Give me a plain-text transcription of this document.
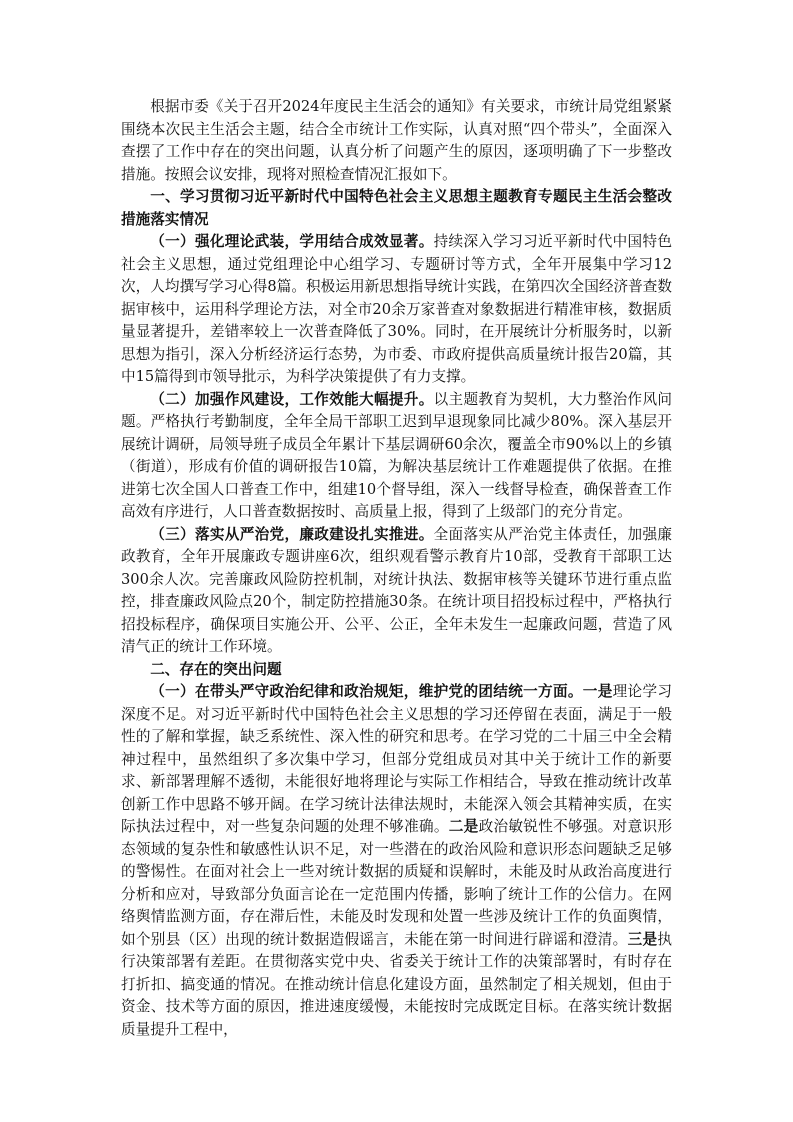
根据市委《关于召开2024年度民主生活会的通知》有关要求，市统计局党组紧紧围绕本次民主生活会主题，结合全市统计工作实际，认真对照“四个带头”，全面深入查摆了工作中存在的突出问题，认真分析了问题产生的原因，逐项明确了下一步整改措施。按照会议安排，现将对照检查情况汇报如下。

一、学习贯彻习近平新时代中国特色社会主义思想主题教育专题民主生活会整改措施落实情况

（一）强化理论武装，学用结合成效显著。持续深入学习习近平新时代中国特色社会主义思想，通过党组理论中心组学习、专题研讨等方式，全年开展集中学习12次，人均撰写学习心得8篇。积极运用新思想指导统计实践，在第四次全国经济普查数据审核中，运用科学理论方法，对全市20余万家普查对象数据进行精准审核，数据质量显著提升，差错率较上一次普查降低了30%。同时，在开展统计分析服务时，以新思想为指引，深入分析经济运行态势，为市委、市政府提供高质量统计报告20篇，其中15篇得到市领导批示，为科学决策提供了有力支撑。

（二）加强作风建设，工作效能大幅提升。以主题教育为契机，大力整治作风问题。严格执行考勤制度，全年全局干部职工迟到早退现象同比减少80%。深入基层开展统计调研，局领导班子成员全年累计下基层调研60余次，覆盖全市90%以上的乡镇（街道），形成有价值的调研报告10篇，为解决基层统计工作难题提供了依据。在推进第七次全国人口普查工作中，组建10个督导组，深入一线督导检查，确保普查工作高效有序进行，人口普查数据按时、高质量上报，得到了上级部门的充分肯定。

（三）落实从严治党，廉政建设扎实推进。全面落实从严治党主体责任，加强廉政教育，全年开展廉政专题讲座6次，组织观看警示教育片10部，受教育干部职工达300余人次。完善廉政风险防控机制，对统计执法、数据审核等关键环节进行重点监控，排查廉政风险点20个，制定防控措施30条。在统计项目招投标过程中，严格执行招投标程序，确保项目实施公开、公平、公正，全年未发生一起廉政问题，营造了风清气正的统计工作环境。

二、存在的突出问题

（一）在带头严守政治纪律和政治规矩，维护党的团结统一方面。一是理论学习深度不足。对习近平新时代中国特色社会主义思想的学习还停留在表面，满足于一般性的了解和掌握，缺乏系统性、深入性的研究和思考。在学习党的二十届三中全会精神过程中，虽然组织了多次集中学习，但部分党组成员对其中关于统计工作的新要求、新部署理解不透彻，未能很好地将理论与实际工作相结合，导致在推动统计改革创新工作中思路不够开阔。在学习统计法律法规时，未能深入领会其精神实质，在实际执法过程中，对一些复杂问题的处理不够准确。二是政治敏锐性不够强。对意识形态领域的复杂性和敏感性认识不足，对一些潜在的政治风险和意识形态问题缺乏足够的警惕性。在面对社会上一些对统计数据的质疑和误解时，未能及时从政治高度进行分析和应对，导致部分负面言论在一定范围内传播，影响了统计工作的公信力。在网络舆情监测方面，存在滞后性，未能及时发现和处置一些涉及统计工作的负面舆情，如个别县（区）出现的统计数据造假谣言，未能在第一时间进行辟谣和澄清。三是执行决策部署有差距。在贯彻落实党中央、省委关于统计工作的决策部署时，有时存在打折扣、搞变通的情况。在推动统计信息化建设方面，虽然制定了相关规划，但由于资金、技术等方面的原因，推进速度缓慢，未能按时完成既定目标。在落实统计数据质量提升工程中，
